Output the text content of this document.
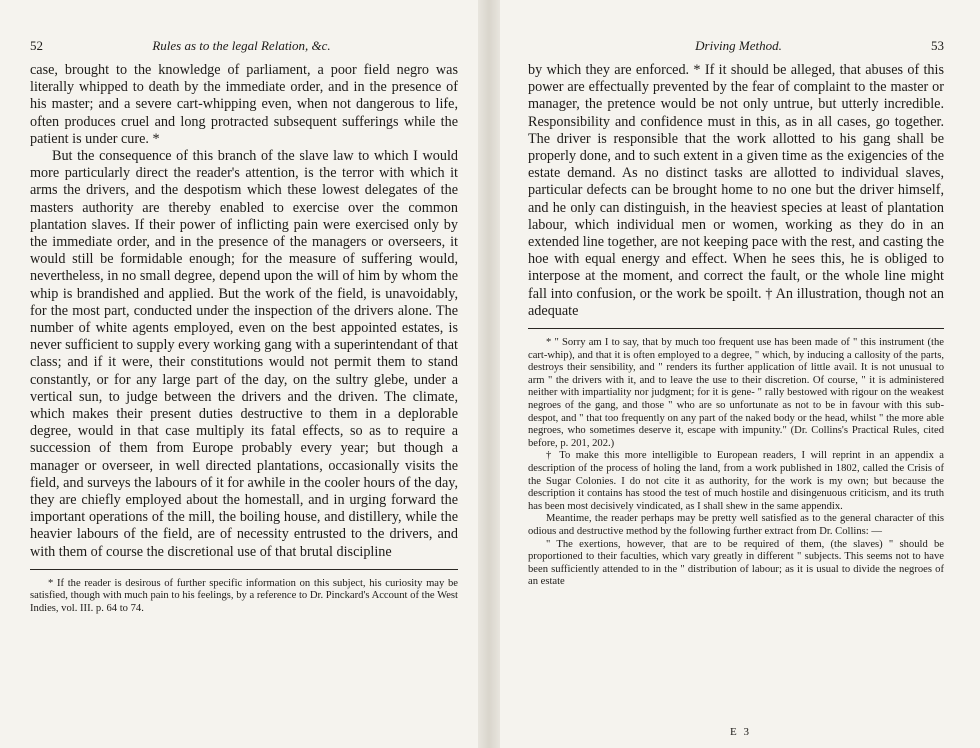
52	Rules as to the legal Relation, &c.

case, brought to the knowledge of parliament, a poor field negro was literally whipped to death by the immediate order, and in the presence of his master; and a severe cart-whipping even, when not dangerous to life, often produces cruel and long protracted subsequent sufferings while the patient is under cure. *

But the consequence of this branch of the slave law to which I would more particularly direct the reader's attention, is the terror with which it arms the drivers, and the despotism which these lowest delegates of the masters authority are thereby enabled to exercise over the common plantation slaves. If their power of inflicting pain were exercised only by the immediate order, and in the presence of the managers or overseers, it would still be formidable enough; for the measure of suffering would, nevertheless, in no small degree, depend upon the will of him by whom the whip is brandished and applied. But the work of the field, is unavoidably, for the most part, conducted under the inspection of the drivers alone. The number of white agents employed, even on the best appointed estates, is never sufficient to supply every working gang with a superintendant of that class; and if it were, their constitutions would not permit them to stand constantly, or for any large part of the day, on the sultry glebe, under a vertical sun, to judge between the drivers and the driven. The climate, which makes their present duties destructive to them in a deplorable degree, would in that case multiply its fatal effects, so as to require a succession of them from Europe probably every year; but though a manager or overseer, in well directed plantations, occasionally visits the field, and surveys the labours of it for awhile in the cooler hours of the day, they are chiefly employed about the homestall, and in urging forward the important operations of the mill, the boiling house, and distillery, while the heavier labours of the field, are of necessity entrusted to the drivers, and with them of course the discretional use of that brutal discipline

* If the reader is desirous of further specific information on this subject, his curiosity may be satisfied, though with much pain to his feelings, by a reference to Dr. Pinckard's Account of the West Indies, vol. III. p. 64 to 74.

Driving Method.	53

by which they are enforced. * If it should be alleged, that abuses of this power are effectually prevented by the fear of complaint to the master or manager, the pretence would be not only untrue, but utterly incredible. Responsibility and confidence must in this, as in all cases, go together. The driver is responsible that the work allotted to his gang shall be properly done, and to such extent in a given time as the exigencies of the estate demand. As no distinct tasks are allotted to individual slaves, particular defects can be brought home to no one but the driver himself, and he only can distinguish, in the heaviest species at least of plantation labour, which individual men or women, working as they do in an extended line together, are not keeping pace with the rest, and casting the hoe with equal energy and effect. When he sees this, he is obliged to interpose at the moment, and correct the fault, or the whole line might fall into confusion, or the work be spoilt. † An illustration, though not an adequate

* " Sorry am I to say, that by much too frequent use has been made of " this instrument (the cart-whip), and that it is often employed to a degree, " which, by inducing a callosity of the parts, destroys their sensibility, and " renders its further application of little avail. It is not unusual to arm " the drivers with it, and to leave the use to their discretion. Of course, " it is administered neither with impartiality nor judgment; for it is gene- " rally bestowed with rigour on the weakest negroes of the gang, and those " who are so unfortunate as not to be in favour with this sub-despot, and " that too frequently on any part of the naked body or the head, whilst " the more able negroes, who sometimes deserve it, escape with impunity." (Dr. Collins's Practical Rules, cited before, p. 201, 202.)

† To make this more intelligible to European readers, I will reprint in an appendix a description of the process of holing the land, from a work published in 1802, called the Crisis of the Sugar Colonies. I do not cite it as authority, for the work is my own; but because the description it contains has stood the test of much hostile and disingenuous criticism, and its truth has been most decisively vindicated, as I shall shew in the same appendix.

Meantime, the reader perhaps may be pretty well satisfied as to the general character of this odious and destructive method by the following further extract from Dr. Collins: —

" The exertions, however, that are to be required of them, (the slaves) " should be proportioned to their faculties, which vary greatly in different " subjects. This seems not to have been sufficiently attended to in the " distribution of labour; as it is usual to divide the negroes of an estate

E 3
